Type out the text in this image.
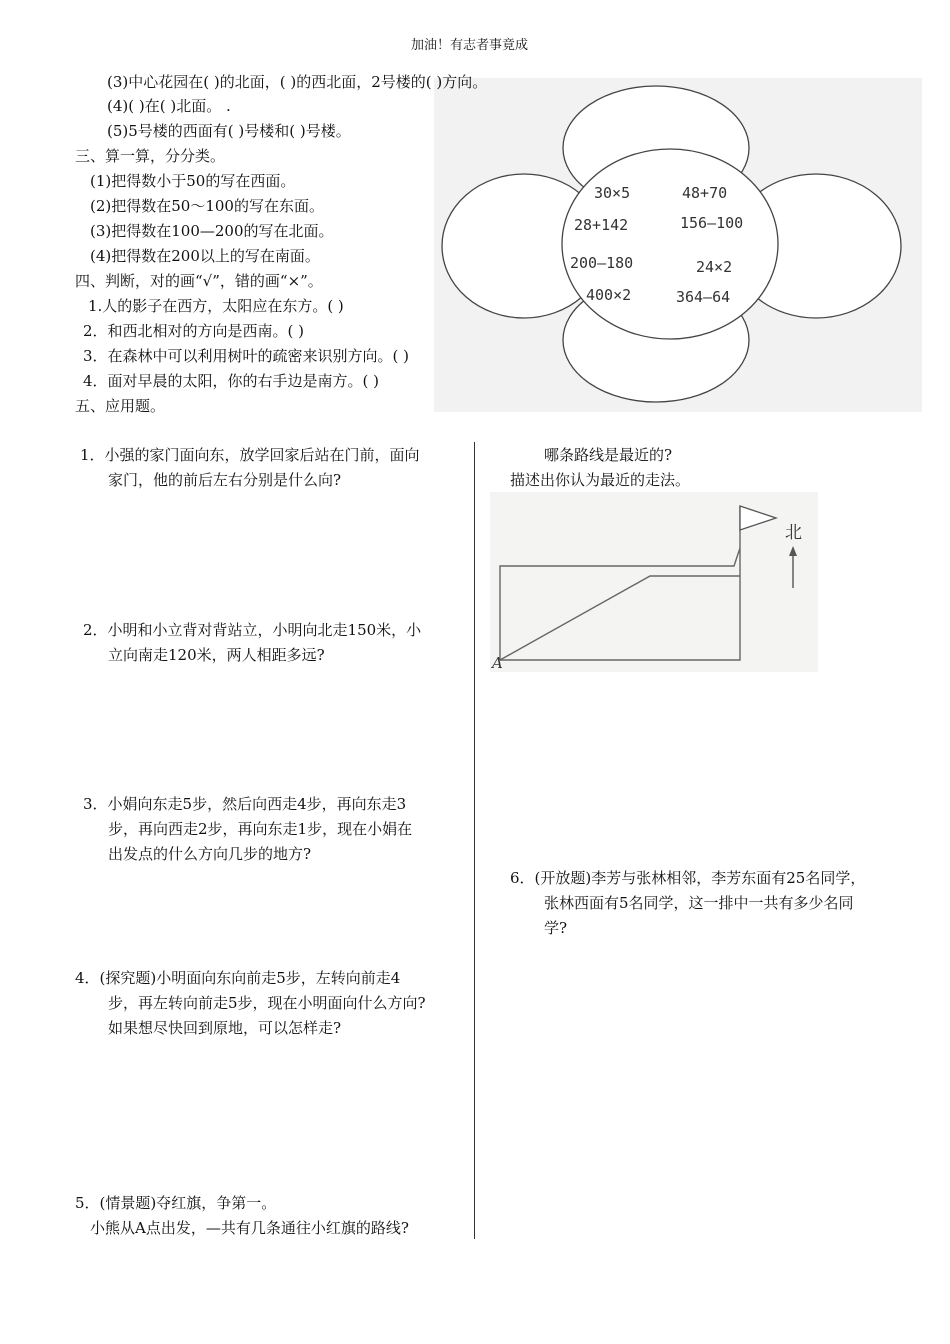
加油！有志者事竟成
30×5	48+70
28+142	156—100
200—180	24×2
400×2	364—64
(3)中心花园在( )的北面，( )的西北面，2号楼的( )方向。
(4)( )在( )北面。 .
(5)5号楼的西面有( )号楼和( )号楼。
三、算一算，分分类。
(1)把得数小于50的写在西面。
(2)把得数在50～100的写在东面。
(3)把得数在100—200的写在北面。
(4)把得数在200以上的写在南面。
四、判断，对的画“√”，错的画“×”。
1.人的影子在西方，太阳应在东方。( )
2．和西北相对的方向是西南。( )
3．在森林中可以利用树叶的疏密来识别方向。( )
4．面对早晨的太阳，你的右手边是南方。( )
五、应用题。
1．小强的家门面向东，放学回家后站在门前，面向
家门，他的前后左右分别是什么向?
2．小明和小立背对背站立，小明向北走150米，小
立向南走120米，两人相距多远?
3．小娟向东走5步，然后向西走4步，再向东走3
步，再向西走2步，再向东走1步，现在小娟在
出发点的什么方向几步的地方?
4．(探究题)小明面向东向前走5步，左转向前走4
步，再左转向前走5步，现在小明面向什么方向?
如果想尽快回到原地，可以怎样走?
5．(情景题)夺红旗，争第一。
小熊从A点出发，—共有几条通往小红旗的路线?
哪条路线是最近的?
描述出你认为最近的走法。
北
A
6．(开放题)李芳与张林相邻，李芳东面有25名同学，
张林西面有5名同学，这一排中一共有多少名同
学?
